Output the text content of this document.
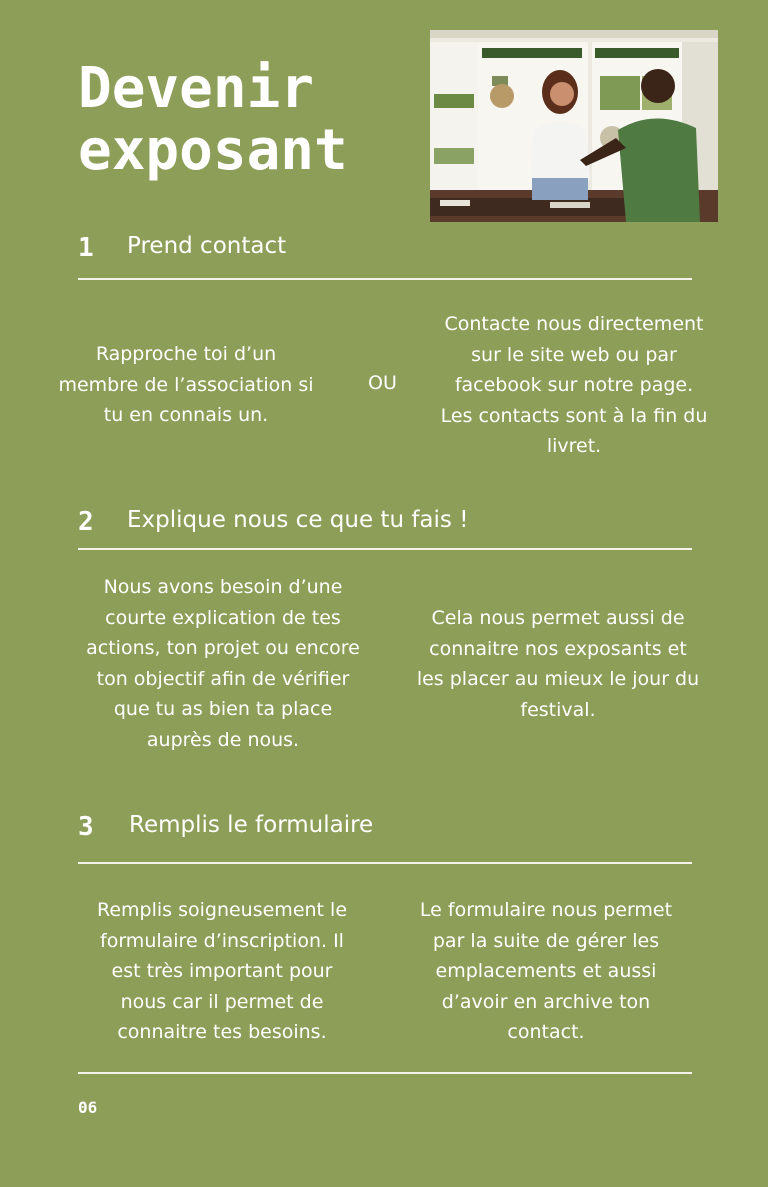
Devenir
exposant
1 Prend contact
Rapproche toi d’un membre de l’association si tu en connais un.
OU
Contacte nous directement sur le site web ou par facebook sur notre page. Les contacts sont à la fin du livret.
2 Explique nous ce que tu fais !
Nous avons besoin d’une courte explication de tes actions, ton projet ou encore ton objectif afin de vérifier que tu as bien ta place auprès de nous.
Cela nous permet aussi de connaitre nos exposants et les placer au mieux le jour du festival.
3 Remplis le formulaire
Remplis soigneusement le formulaire d’inscription. Il est très important pour nous car il permet de connaitre tes besoins.
Le formulaire nous permet par la suite de gérer les emplacements et aussi d’avoir en archive ton contact.
06
